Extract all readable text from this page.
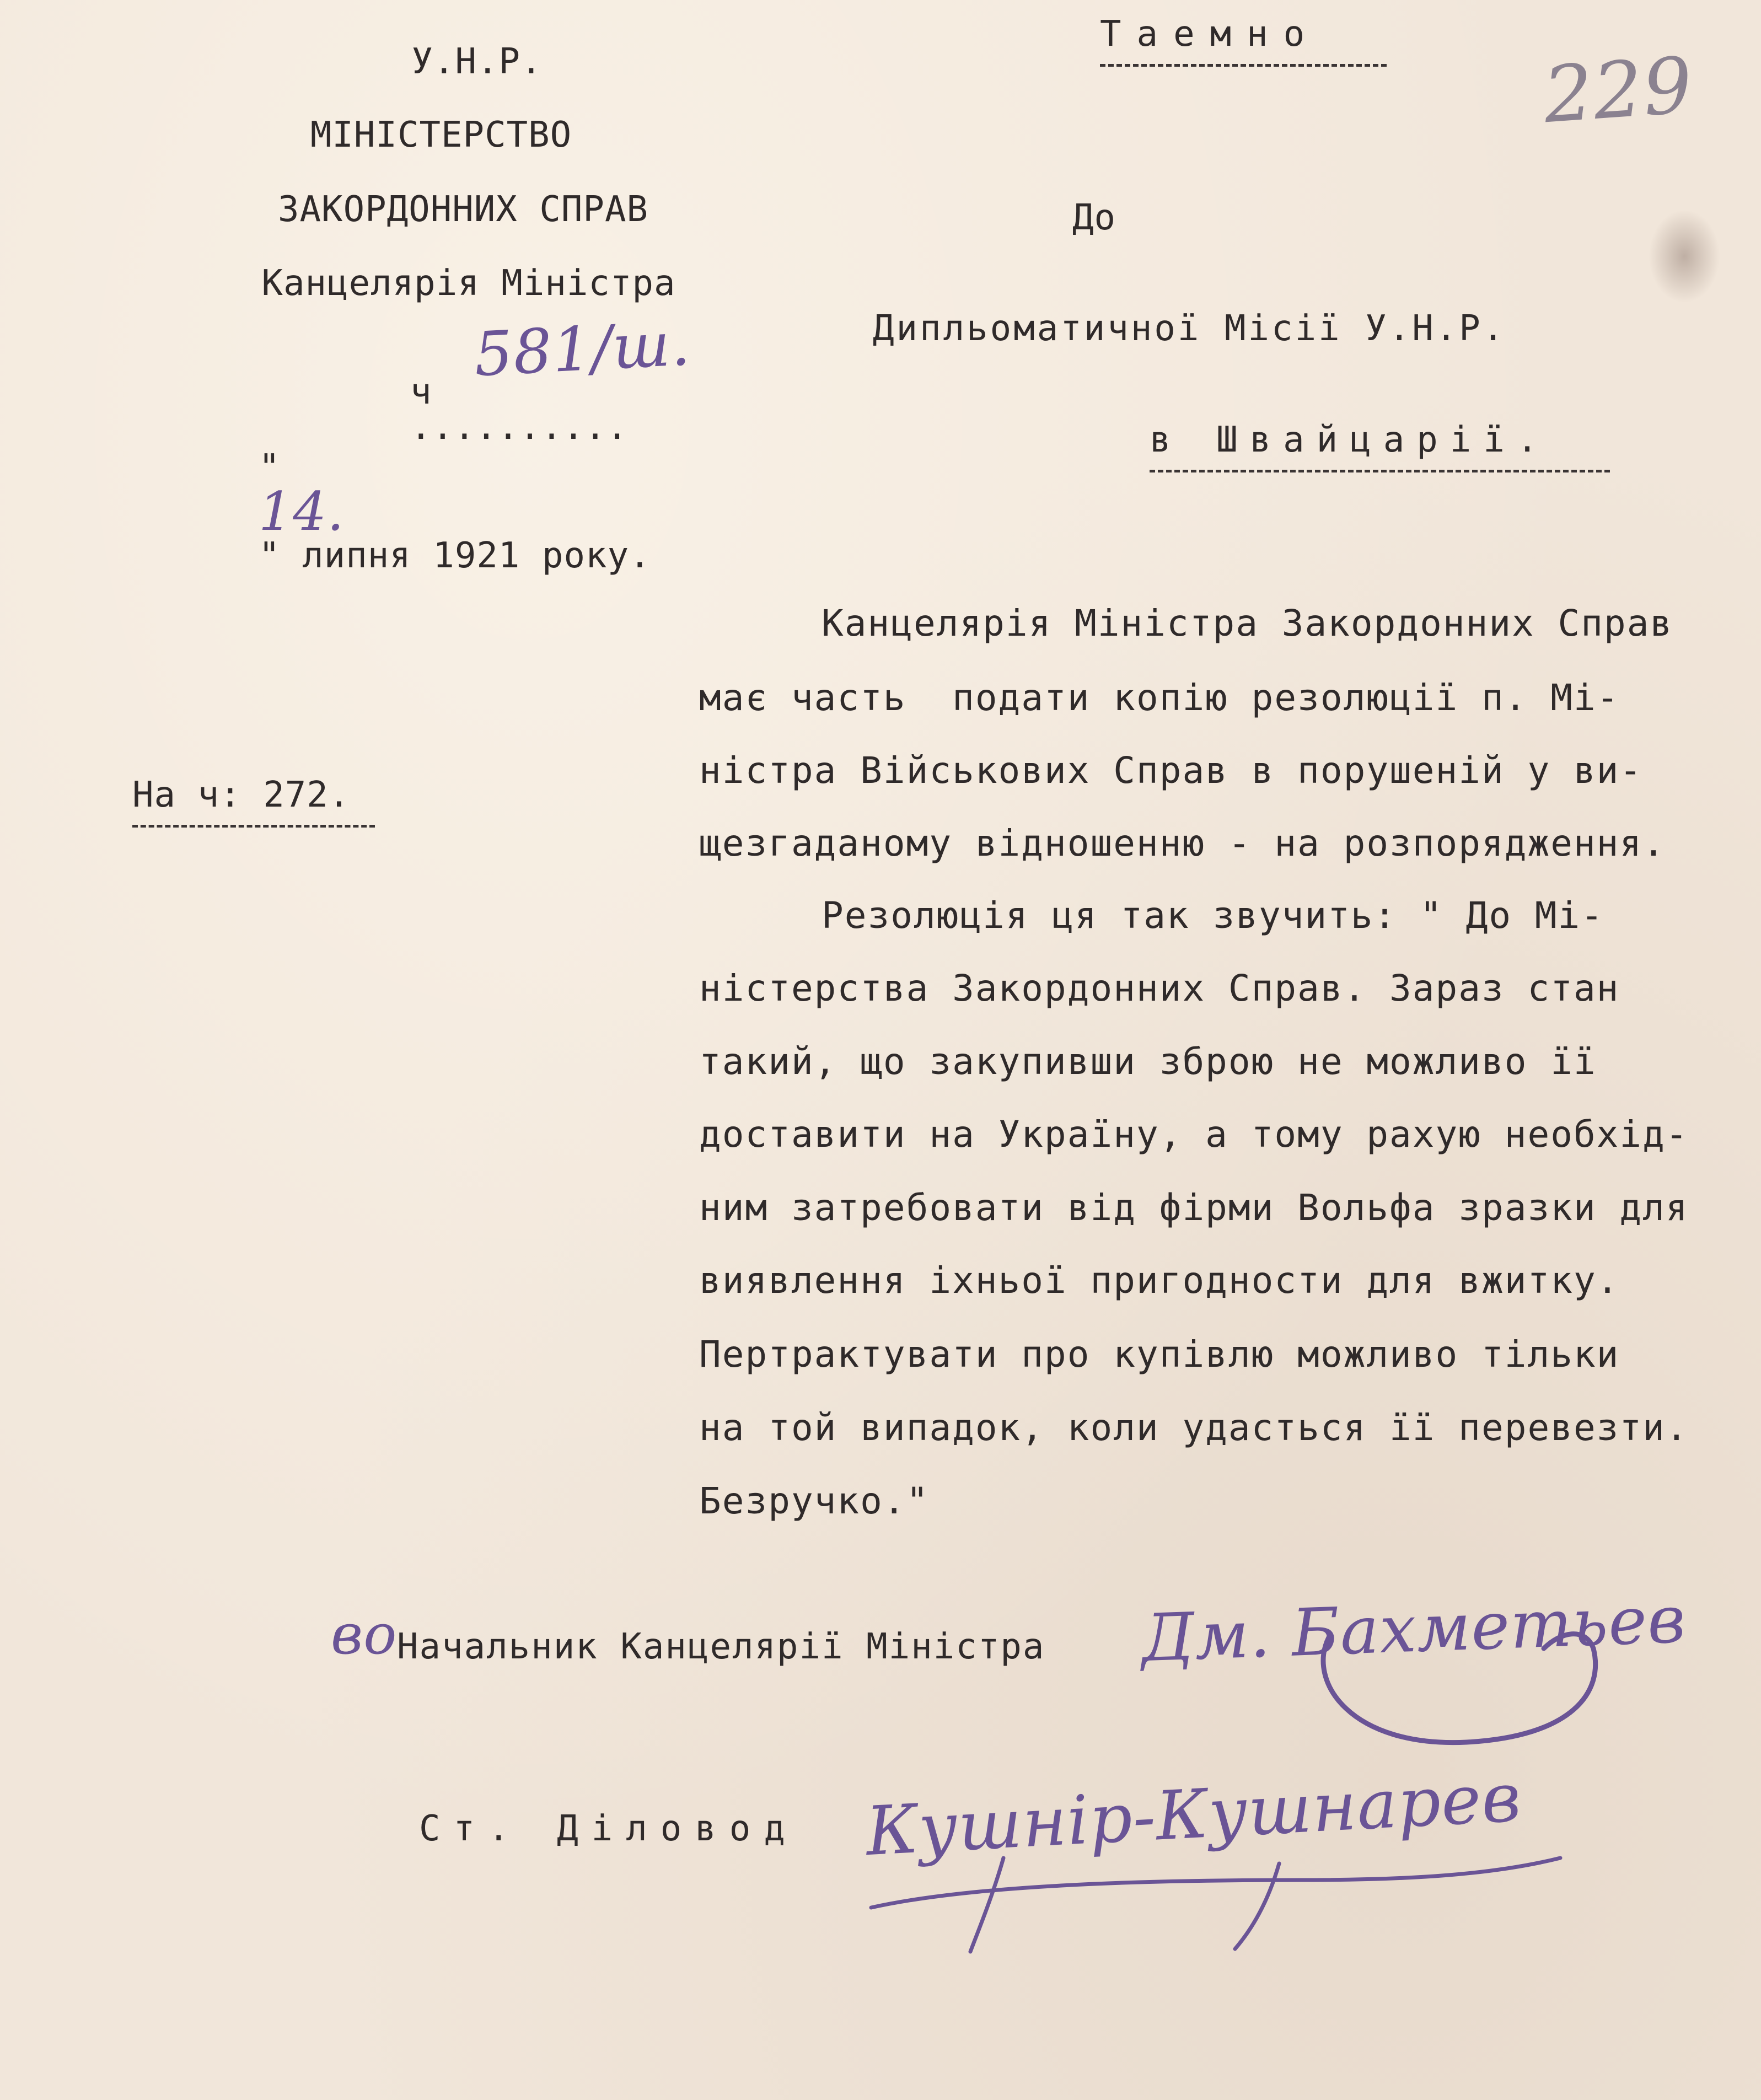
229
Таемно
У.Н.Р.
МІНІСТЕРСТВО
ЗАКОРДОННИХ СПРАВ
Канцелярія Міністра

ч
..........

581/ш.

"
14.
" липня 1921 року.

До
Дипльоматичної Місії У.Н.Р.
в Швайцарії.
На ч: 272.
Канцелярія Міністра Закордонних Справ
має часть  подати копію резолюції п. Мі-
ністра Військових Справ в порушеній у ви-
щезгаданому відношенню - на розпорядження.
Резолюція ця так звучить: " До Мі-
ністерства Закордонних Справ. Зараз стан
такий, що закупивши зброю не можливо її
доставити на Україну, а тому рахую необхід-
ним затребовати від фірми Вольфа зразки для
виявлення іхньої пригодности для вжитку.
Пертрактувати про купівлю можливо тільки
на той випадок, коли удасться її перевезти.
Безручко."
во Начальник Канцелярії Міністра Дм. Бахметьев
Ст. Діловод Кушнір-Кушнарев
